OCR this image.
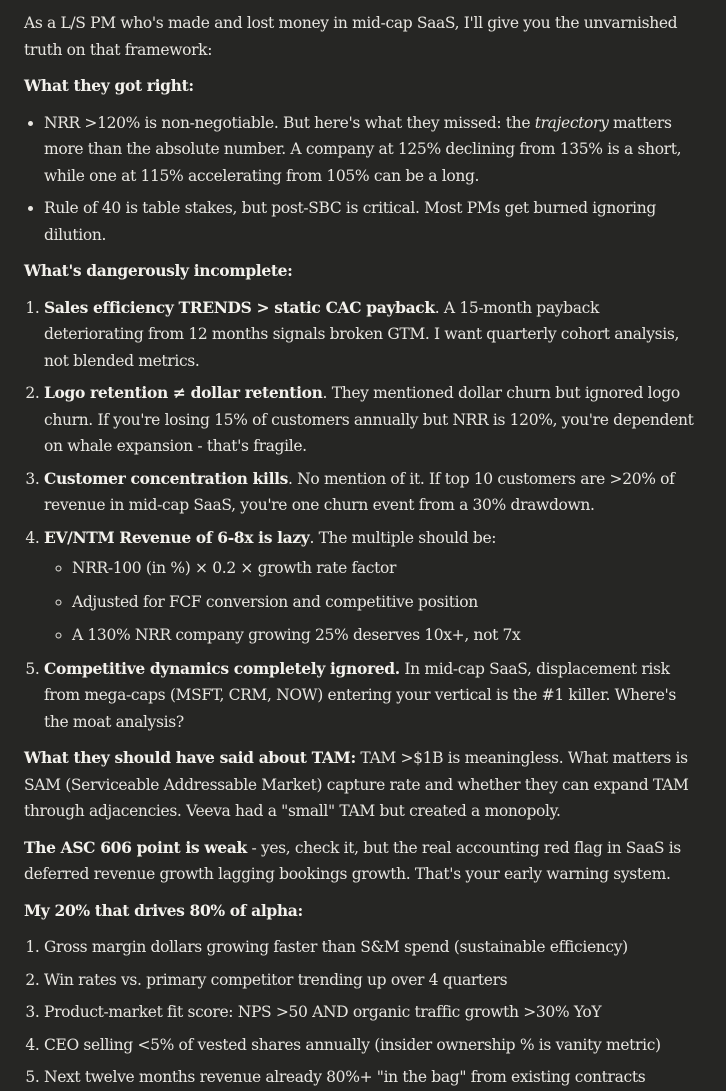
As a L/S PM who's made and lost money in mid-cap SaaS, I'll give you the unvarnished truth on that framework:

What they got right:

• NRR >120% is non-negotiable. But here's what they missed: the trajectory matters more than the absolute number. A company at 125% declining from 135% is a short, while one at 115% accelerating from 105% can be a long.
• Rule of 40 is table stakes, but post-SBC is critical. Most PMs get burned ignoring dilution.

What's dangerously incomplete:

1. Sales efficiency TRENDS > static CAC payback. A 15-month payback deteriorating from 12 months signals broken GTM. I want quarterly cohort analysis, not blended metrics.
2. Logo retention ≠ dollar retention. They mentioned dollar churn but ignored logo churn. If you're losing 15% of customers annually but NRR is 120%, you're dependent on whale expansion - that's fragile.
3. Customer concentration kills. No mention of it. If top 10 customers are >20% of revenue in mid-cap SaaS, you're one churn event from a 30% drawdown.
4. EV/NTM Revenue of 6-8x is lazy. The multiple should be:
◦ NRR-100 (in %) × 0.2 × growth rate factor
◦ Adjusted for FCF conversion and competitive position
◦ A 130% NRR company growing 25% deserves 10x+, not 7x
5. Competitive dynamics completely ignored. In mid-cap SaaS, displacement risk from mega-caps (MSFT, CRM, NOW) entering your vertical is the #1 killer. Where's the moat analysis?

What they should have said about TAM: TAM >$1B is meaningless. What matters is SAM (Serviceable Addressable Market) capture rate and whether they can expand TAM through adjacencies. Veeva had a "small" TAM but created a monopoly.

The ASC 606 point is weak - yes, check it, but the real accounting red flag in SaaS is deferred revenue growth lagging bookings growth. That's your early warning system.

My 20% that drives 80% of alpha:

1. Gross margin dollars growing faster than S&M spend (sustainable efficiency)
2. Win rates vs. primary competitor trending up over 4 quarters
3. Product-market fit score: NPS >50 AND organic traffic growth >30% YoY
4. CEO selling <5% of vested shares annually (insider ownership % is vanity metric)
5. Next twelve months revenue already 80%+ "in the bag" from existing contracts
